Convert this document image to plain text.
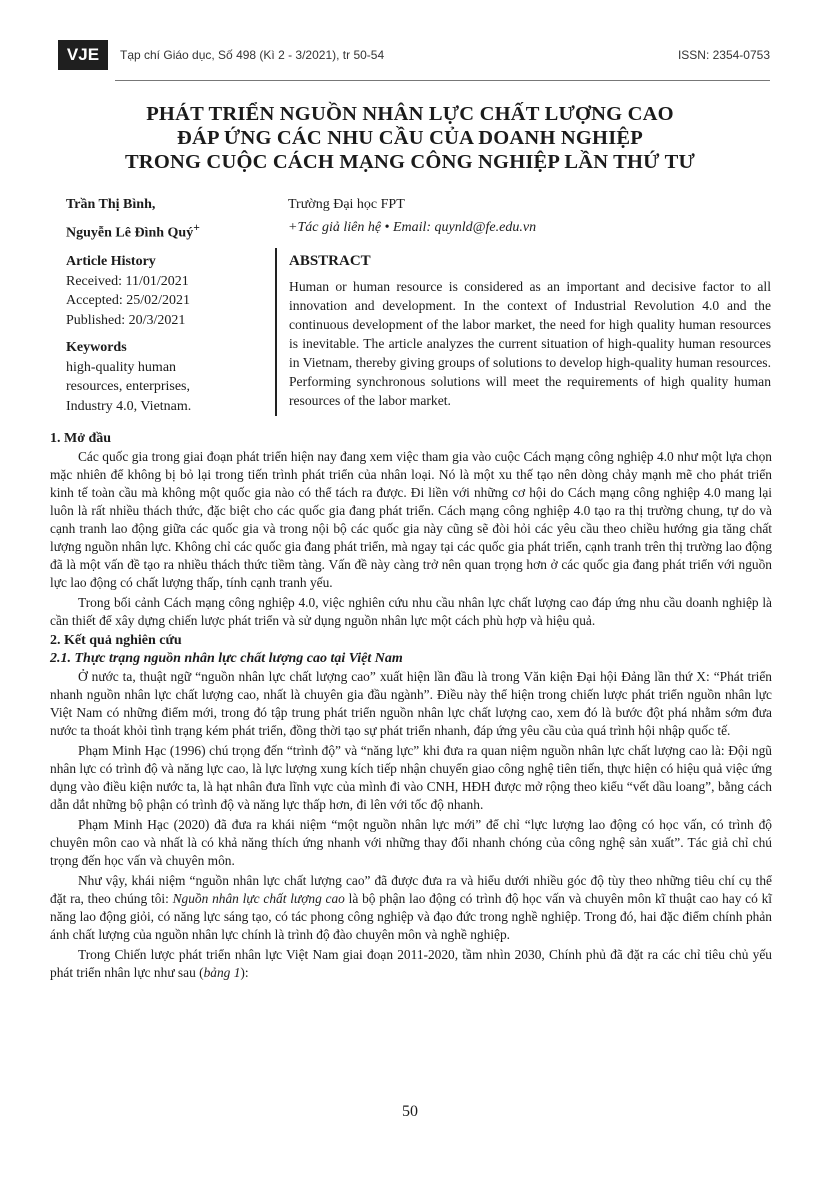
VJE	Tạp chí Giáo dục, Số 498 (Kì 2 - 3/2021), tr 50-54	ISSN: 2354-0753
PHÁT TRIỂN NGUỒN NHÂN LỰC CHẤT LƯỢNG CAO
ĐÁP ỨNG CÁC NHU CẦU CỦA DOANH NGHIỆP
TRONG CUỘC CÁCH MẠNG CÔNG NGHIỆP LẦN THỨ TƯ
Trần Thị Bình,
Nguyễn Lê Đình Quý+
Trường Đại học FPT
+Tác giả liên hệ • Email: quynld@fe.edu.vn
Article History
Received: 11/01/2021
Accepted: 25/02/2021
Published: 20/3/2021
Keywords
high-quality human
resources, enterprises,
Industry 4.0, Vietnam.
ABSTRACT
Human or human resource is considered as an important and decisive factor to all innovation and development. In the context of Industrial Revolution 4.0 and the continuous development of the labor market, the need for high quality human resources is inevitable. The article analyzes the current situation of high-quality human resources in Vietnam, thereby giving groups of solutions to develop high-quality human resources. Performing synchronous solutions will meet the requirements of high quality human resources of the labor market.
1. Mở đầu

Các quốc gia trong giai đoạn phát triển hiện nay đang xem việc tham gia vào cuộc Cách mạng công nghiệp 4.0 như một lựa chọn mặc nhiên để không bị bỏ lại trong tiến trình phát triển của nhân loại. Nó là một xu thế tạo nên dòng chảy mạnh mẽ cho phát triển kinh tế toàn cầu mà không một quốc gia nào có thể tách ra được. Đi liền với những cơ hội do Cách mạng công nghiệp 4.0 mang lại luôn là rất nhiều thách thức, đặc biệt cho các quốc gia đang phát triển. Cách mạng công nghiệp 4.0 tạo ra thị trường chung, tự do và cạnh tranh lao động giữa các quốc gia và trong nội bộ các quốc gia này cũng sẽ đòi hỏi các yêu cầu theo chiều hướng gia tăng chất lượng nguồn nhân lực. Không chỉ các quốc gia đang phát triển, mà ngay tại các quốc gia phát triển, cạnh tranh trên thị trường lao động đã là một vấn đề tạo ra nhiều thách thức tiềm tàng. Vấn đề này càng trở nên quan trọng hơn ở các quốc gia đang phát triển với nguồn lực lao động có chất lượng thấp, tính cạnh tranh yếu.

Trong bối cảnh Cách mạng công nghiệp 4.0, việc nghiên cứu nhu cầu nhân lực chất lượng cao đáp ứng nhu cầu doanh nghiệp là cần thiết để xây dựng chiến lược phát triển và sử dụng nguồn nhân lực một cách phù hợp và hiệu quả.

2. Kết quả nghiên cứu
2.1. Thực trạng nguồn nhân lực chất lượng cao tại Việt Nam

Ở nước ta, thuật ngữ “nguồn nhân lực chất lượng cao” xuất hiện lần đầu là trong Văn kiện Đại hội Đảng lần thứ X: “Phát triển nhanh nguồn nhân lực chất lượng cao, nhất là chuyên gia đầu ngành”. Điều này thể hiện trong chiến lược phát triển nguồn nhân lực Việt Nam có những điểm mới, trong đó tập trung phát triển nguồn nhân lực chất lượng cao, xem đó là bước đột phá nhằm sớm đưa nước ta thoát khỏi tình trạng kém phát triển, đồng thời tạo sự phát triển nhanh, đáp ứng yêu cầu của quá trình hội nhập quốc tế.

Phạm Minh Hạc (1996) chú trọng đến “trình độ” và “năng lực” khi đưa ra quan niệm nguồn nhân lực chất lượng cao là: Đội ngũ nhân lực có trình độ và năng lực cao, là lực lượng xung kích tiếp nhận chuyển giao công nghệ tiên tiến, thực hiện có hiệu quả việc ứng dụng vào điều kiện nước ta, là hạt nhân đưa lĩnh vực của mình đi vào CNH, HĐH được mở rộng theo kiểu “vết dầu loang”, bằng cách dẫn dắt những bộ phận có trình độ và năng lực thấp hơn, đi lên với tốc độ nhanh.

Phạm Minh Hạc (2020) đã đưa ra khái niệm “một nguồn nhân lực mới” để chỉ “lực lượng lao động có học vấn, có trình độ chuyên môn cao và nhất là có khả năng thích ứng nhanh với những thay đổi nhanh chóng của công nghệ sản xuất”. Tác giả chỉ chú trọng đến học vấn và chuyên môn.

Như vậy, khái niệm “nguồn nhân lực chất lượng cao” đã được đưa ra và hiểu dưới nhiều góc độ tùy theo những tiêu chí cụ thể đặt ra, theo chúng tôi: Nguồn nhân lực chất lượng cao là bộ phận lao động có trình độ học vấn và chuyên môn kĩ thuật cao hay có kĩ năng lao động giỏi, có năng lực sáng tạo, có tác phong công nghiệp và đạo đức trong nghề nghiệp. Trong đó, hai đặc điểm chính phản ánh chất lượng của nguồn nhân lực chính là trình độ đào chuyên môn và nghề nghiệp.

Trong Chiến lược phát triển nhân lực Việt Nam giai đoạn 2011-2020, tầm nhìn 2030, Chính phủ đã đặt ra các chỉ tiêu chủ yếu phát triển nhân lực như sau (bảng 1):

50
